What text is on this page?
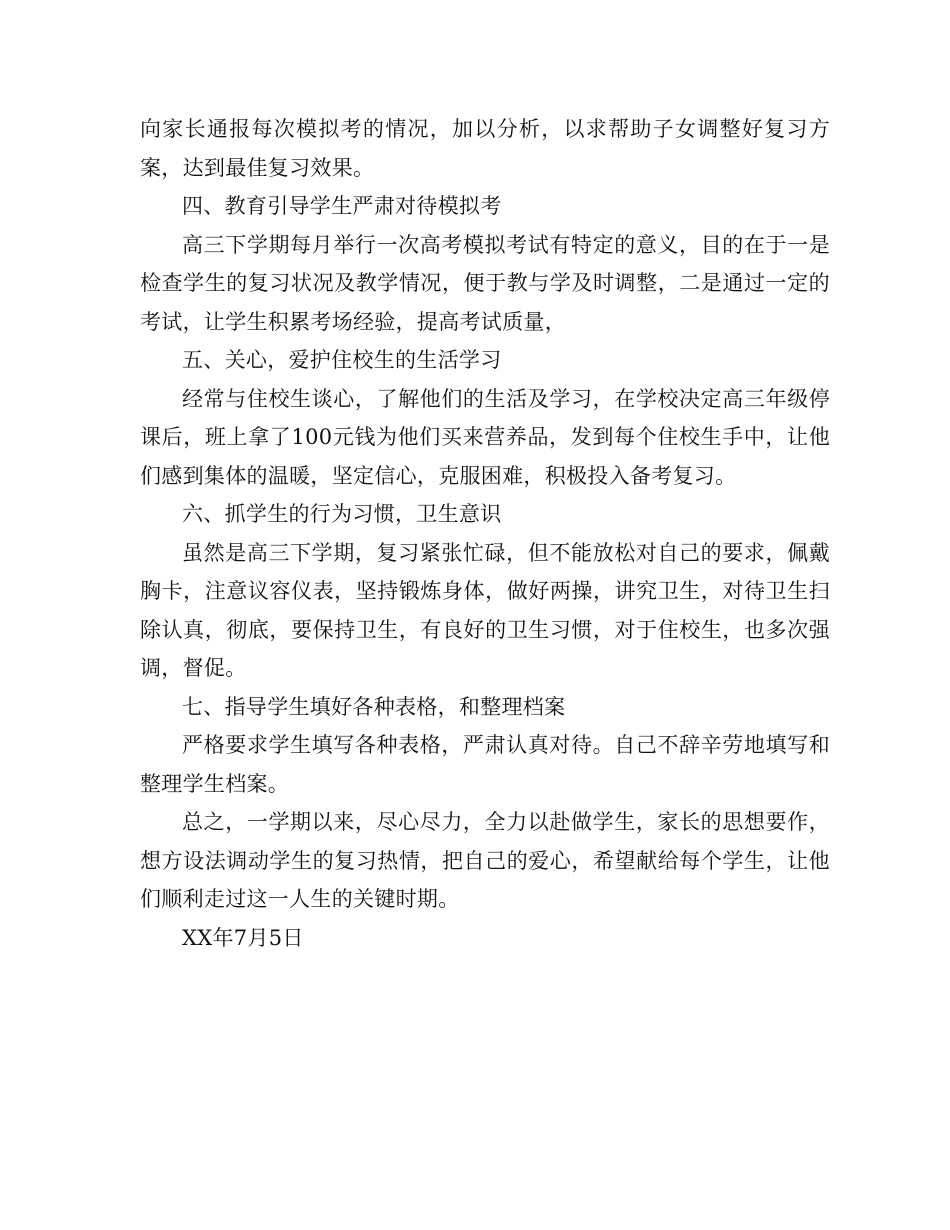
向家长通报每次模拟考的情况，加以分析，以求帮助子女调整好复习方案，达到最佳复习效果。

四、教育引导学生严肃对待模拟考

高三下学期每月举行一次高考模拟考试有特定的意义，目的在于一是检查学生的复习状况及教学情况，便于教与学及时调整，二是通过一定的考试，让学生积累考场经验，提高考试质量，

五、关心，爱护住校生的生活学习

经常与住校生谈心，了解他们的生活及学习，在学校决定高三年级停课后，班上拿了100元钱为他们买来营养品，发到每个住校生手中，让他们感到集体的温暖，坚定信心，克服困难，积极投入备考复习。

六、抓学生的行为习惯，卫生意识

虽然是高三下学期，复习紧张忙碌，但不能放松对自己的要求，佩戴胸卡，注意议容仪表，坚持锻炼身体，做好两操，讲究卫生，对待卫生扫除认真，彻底，要保持卫生，有良好的卫生习惯，对于住校生，也多次强调，督促。

七、指导学生填好各种表格，和整理档案

严格要求学生填写各种表格，严肃认真对待。自己不辞辛劳地填写和整理学生档案。

总之，一学期以来，尽心尽力，全力以赴做学生，家长的思想要作，想方设法调动学生的复习热情，把自己的爱心，希望献给每个学生，让他们顺利走过这一人生的关键时期。

XX年7月5日
